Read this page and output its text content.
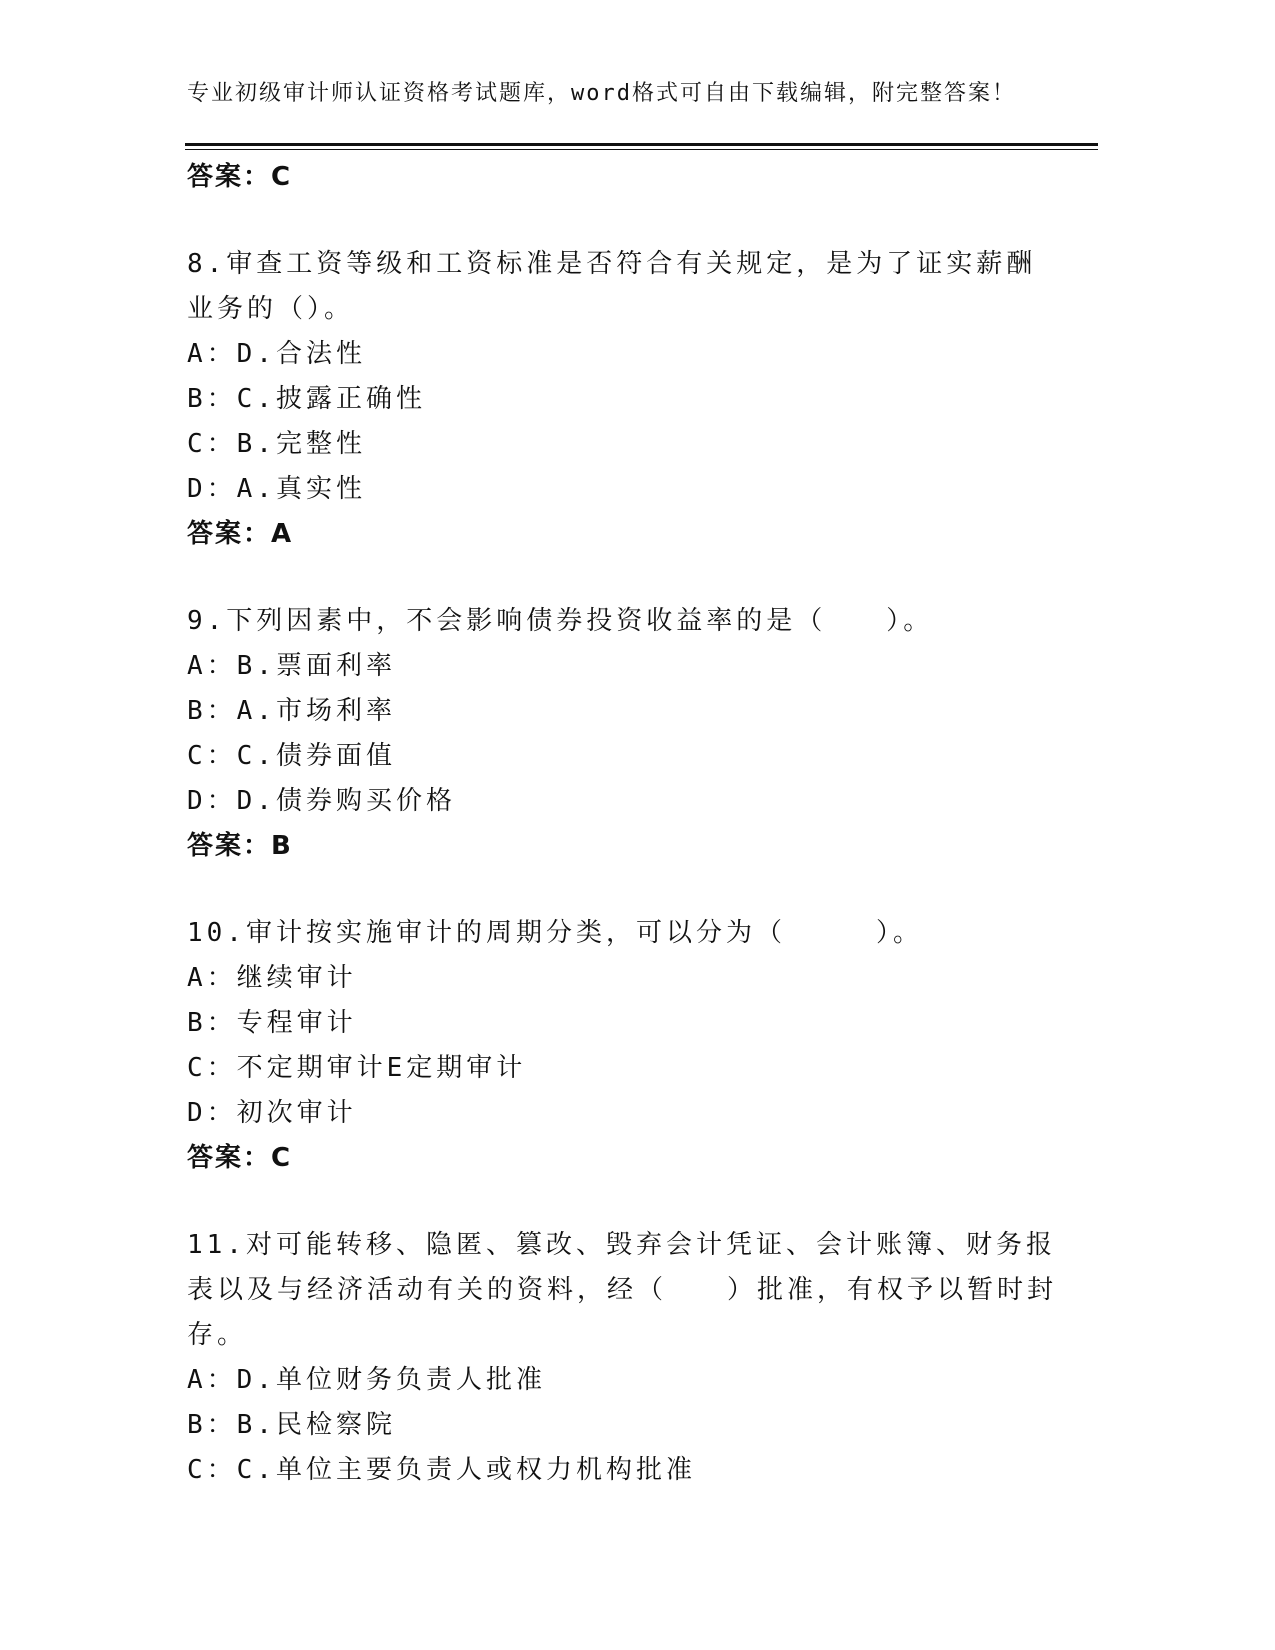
专业初级审计师认证资格考试题库，word格式可自由下载编辑，附完整答案！
答案：C
8.审查工资等级和工资标准是否符合有关规定，是为了证实薪酬业务的（）。
A：D.合法性
B：C.披露正确性
C：B.完整性
D：A.真实性
答案：A
9.下列因素中，不会影响债券投资收益率的是（　　）。
A：B.票面利率
B：A.市场利率
C：C.债券面值
D：D.债券购买价格
答案：B
10.审计按实施审计的周期分类，可以分为（　　　）。
A：继续审计
B：专程审计
C：不定期审计E定期审计
D：初次审计
答案：C
11.对可能转移、隐匿、篡改、毁弃会计凭证、会计账簿、财务报表以及与经济活动有关的资料，经（　　）批准，有权予以暂时封存。
A：D.单位财务负责人批准
B：B.民检察院
C：C.单位主要负责人或权力机构批准
